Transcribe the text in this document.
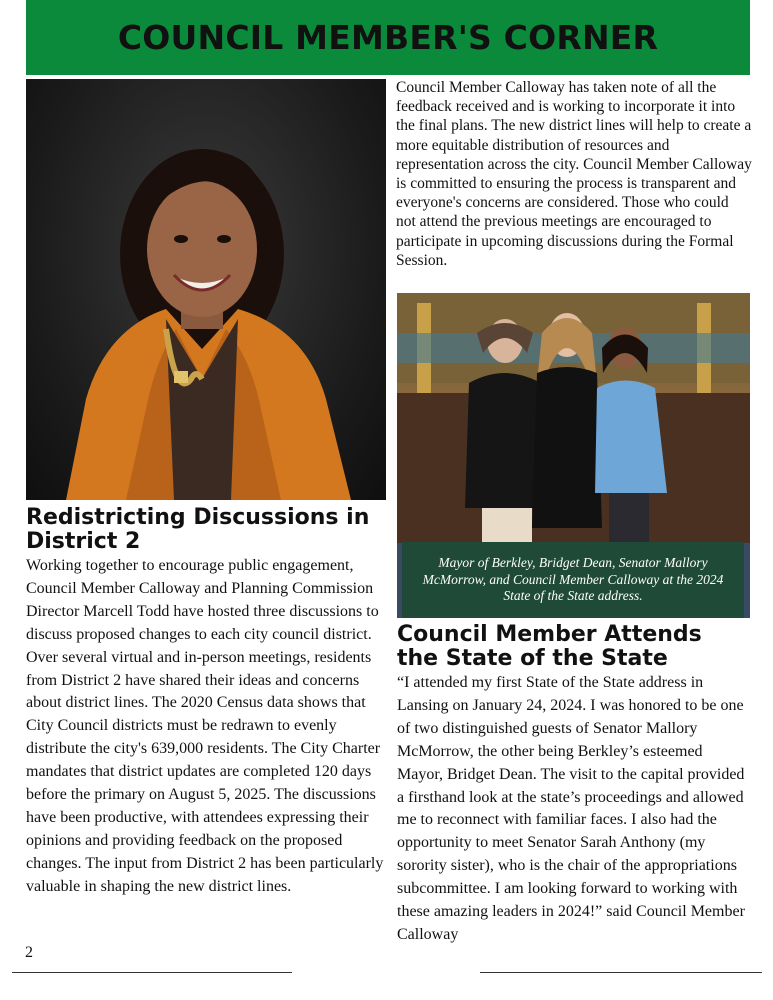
COUNCIL MEMBER'S CORNER

Council Member Calloway has taken note of all the feedback received and is working to incorporate it into the final plans. The new district lines will help to create a more equitable distribution of resources and representation across the city. Council Member Calloway is committed to ensuring the process is transparent and everyone's concerns are considered. Those who could not attend the previous meetings are encouraged to participate in upcoming discussions during the Formal Session.

Mayor of Berkley, Bridget Dean, Senator Mallory McMorrow, and Council Member Calloway at the 2024 State of the State address.
Redistricting Discussions in District 2

Working together to encourage public engagement, Council Member Calloway and Planning Commission Director Marcell Todd have hosted three discussions to discuss proposed changes to each city council district. Over several virtual and in-person meetings, residents from District 2 have shared their ideas and concerns about district lines. The 2020 Census data shows that City Council districts must be redrawn to evenly distribute the city's 639,000 residents. The City Charter mandates that district updates are completed 120 days before the primary on August 5, 2025. The discussions have been productive, with attendees expressing their opinions and providing feedback on the proposed changes. The input from District 2 has been particularly valuable in shaping the new district lines.

Council Member Attends the State of the State

“I attended my first State of the State address in Lansing on January 24, 2024. I was honored to be one of two distinguished guests of Senator Mallory McMorrow, the other being Berkley’s esteemed Mayor, Bridget Dean. The visit to the capital provided a firsthand look at the state’s proceedings and allowed me to reconnect with familiar faces. I also had the opportunity to meet Senator Sarah Anthony (my sorority sister), who is the chair of the appropriations subcommittee. I am looking forward to working with these amazing leaders in 2024!” said Council Member Calloway

2
